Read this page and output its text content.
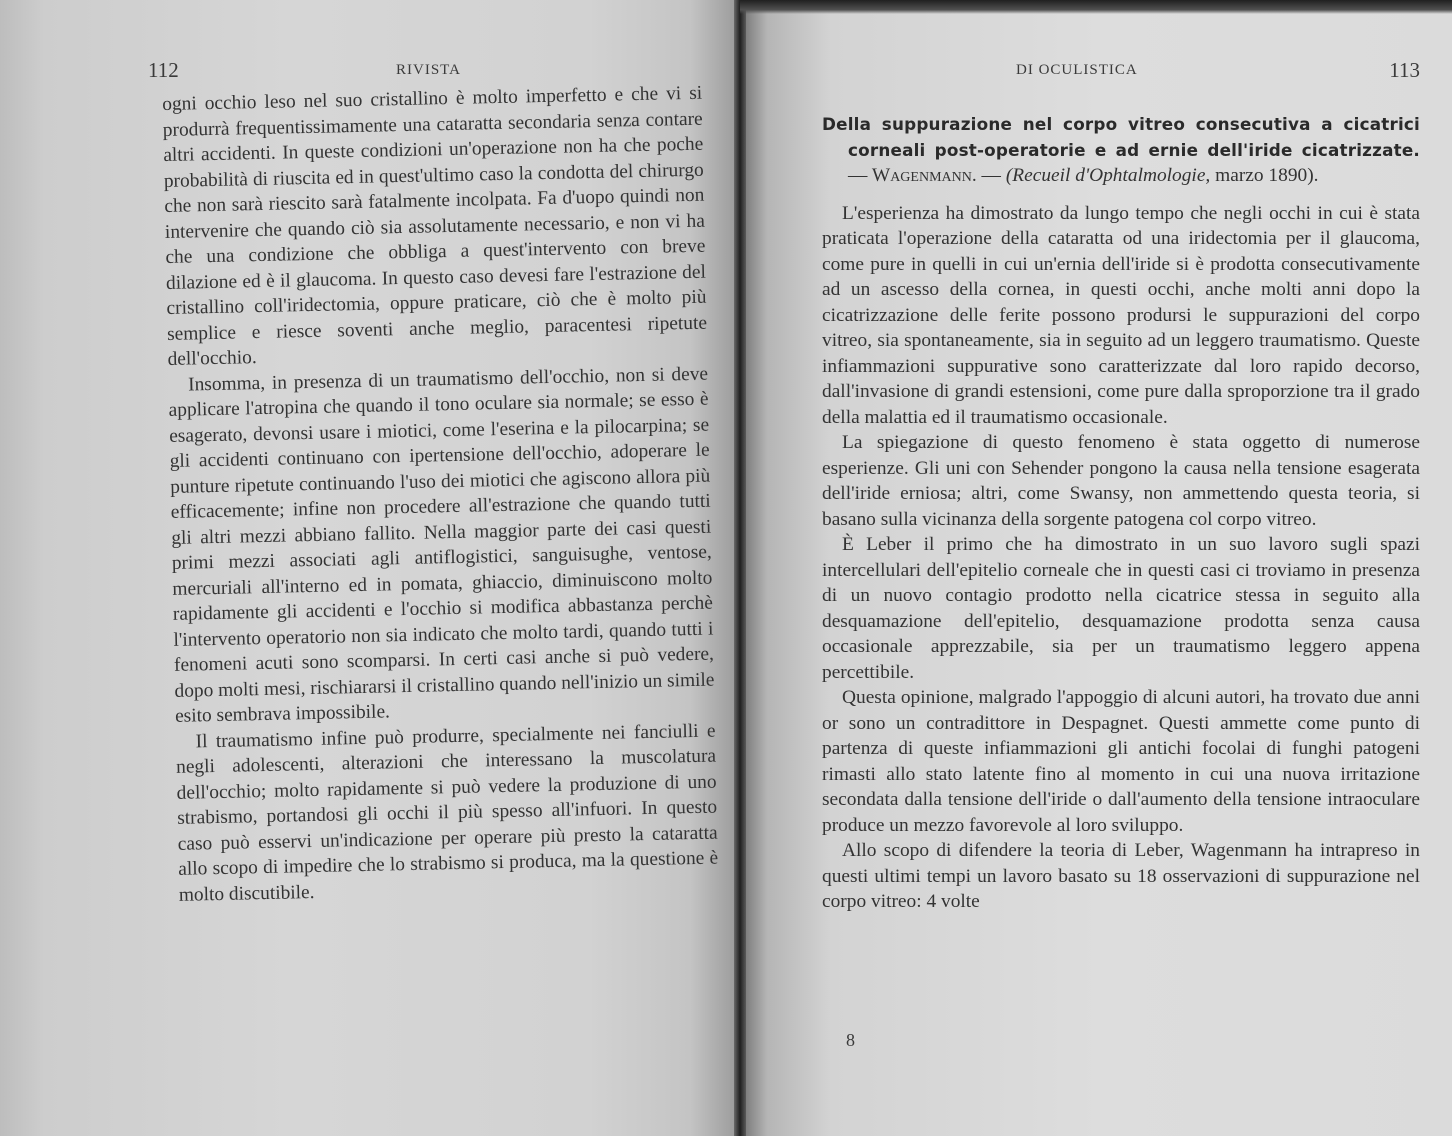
112	RIVISTA

ogni occhio leso nel suo cristallino è molto imperfetto e che vi si produrrà frequentissimamente una cataratta secondaria senza contare altri accidenti. In queste condizioni un'operazione non ha che poche probabilità di riuscita ed in quest'ultimo caso la condotta del chirurgo che non sarà riescito sarà fatalmente incolpata. Fa d'uopo quindi non intervenire che quando ciò sia assolutamente necessario, e non vi ha che una condizione che obbliga a quest'intervento con breve dilazione ed è il glaucoma. In questo caso devesi fare l'estrazione del cristallino coll'iridectomia, oppure praticare, ciò che è molto più semplice e riesce soventi anche meglio, paracentesi ripetute dell'occhio.

Insomma, in presenza di un traumatismo dell'occhio, non si deve applicare l'atropina che quando il tono oculare sia normale; se esso è esagerato, devonsi usare i miotici, come l'eserina e la pilocarpina; se gli accidenti continuano con ipertensione dell'occhio, adoperare le punture ripetute continuando l'uso dei miotici che agiscono allora più efficacemente; infine non procedere all'estrazione che quando tutti gli altri mezzi abbiano fallito. Nella maggior parte dei casi questi primi mezzi associati agli antiflogistici, sanguisughe, ventose, mercuriali all'interno ed in pomata, ghiaccio, diminuiscono molto rapidamente gli accidenti e l'occhio si modifica abbastanza perchè l'intervento operatorio non sia indicato che molto tardi, quando tutti i fenomeni acuti sono scomparsi. In certi casi anche si può vedere, dopo molti mesi, rischiararsi il cristallino quando nell'inizio un simile esito sembrava impossibile.

Il traumatismo infine può produrre, specialmente nei fanciulli e negli adolescenti, alterazioni che interessano la muscolatura dell'occhio; molto rapidamente si può vedere la produzione di uno strabismo, portandosi gli occhi il più spesso all'infuori. In questo caso può esservi un'indicazione per operare più presto la cataratta allo scopo di impedire che lo strabismo si produca, ma la questione è molto discutibile.

DI OCULISTICA	113

Della suppurazione nel corpo vitreo consecutiva a cicatrici corneali post-operatorie e ad ernie dell'iride cicatrizzate. — Wagenmann. — (Recueil d'Ophtalmologie, marzo 1890).

L'esperienza ha dimostrato da lungo tempo che negli occhi in cui è stata praticata l'operazione della cataratta od una iridectomia per il glaucoma, come pure in quelli in cui un'ernia dell'iride si è prodotta consecutivamente ad un ascesso della cornea, in questi occhi, anche molti anni dopo la cicatrizzazione delle ferite possono prodursi le suppurazioni del corpo vitreo, sia spontaneamente, sia in seguito ad un leggero traumatismo. Queste infiammazioni suppurative sono caratterizzate dal loro rapido decorso, dall'invasione di grandi estensioni, come pure dalla sproporzione tra il grado della malattia ed il traumatismo occasionale.

La spiegazione di questo fenomeno è stata oggetto di numerose esperienze. Gli uni con Sehender pongono la causa nella tensione esagerata dell'iride erniosa; altri, come Swansy, non ammettendo questa teoria, si basano sulla vicinanza della sorgente patogena col corpo vitreo.

È Leber il primo che ha dimostrato in un suo lavoro sugli spazi intercellulari dell'epitelio corneale che in questi casi ci troviamo in presenza di un nuovo contagio prodotto nella cicatrice stessa in seguito alla desquamazione dell'epitelio, desquamazione prodotta senza causa occasionale apprezzabile, sia per un traumatismo leggero appena percettibile.

Questa opinione, malgrado l'appoggio di alcuni autori, ha trovato due anni or sono un contradittore in Despagnet. Questi ammette come punto di partenza di queste infiammazioni gli antichi focolai di funghi patogeni rimasti allo stato latente fino al momento in cui una nuova irritazione secondata dalla tensione dell'iride o dall'aumento della tensione intraoculare produce un mezzo favorevole al loro sviluppo.

Allo scopo di difendere la teoria di Leber, Wagenmann ha intrapreso in questi ultimi tempi un lavoro basato su 18 osservazioni di suppurazione nel corpo vitreo: 4 volte

8
